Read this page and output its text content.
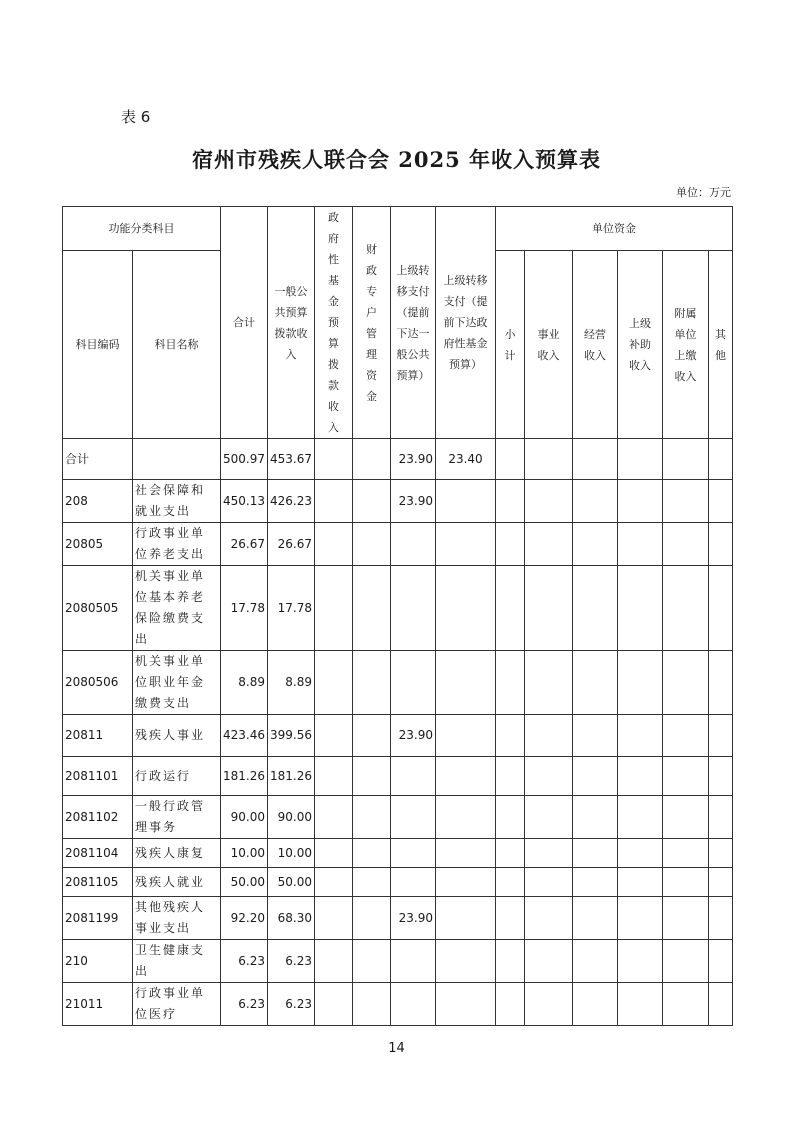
表 6
宿州市残疾人联合会 2025 年收入预算表
单位：万元
功能分类科目		合计	一般公共预算拨款收入	政府性基金预算拨款收入	财政专户管理资金	上级转移支付（提前下达一般公共预算）	上级转移支付（提前下达政府性基金预算）	单位资金					
科目编码	科目名称							小计	事业收入	经营收入	上级补助收入	附属单位上缴收入	其他

合计		500.97	453.67			23.90	23.40						
208	社会保障和就业支出	450.13	426.23			23.90							
20805	行政事业单位养老支出	26.67	26.67										
2080505	机关事业单位基本养老保险缴费支出	17.78	17.78										
2080506	机关事业单位职业年金缴费支出	8.89	8.89										
20811	残疾人事业	423.46	399.56			23.90							
2081101	行政运行	181.26	181.26										
2081102	一般行政管理事务	90.00	90.00										
2081104	残疾人康复	10.00	10.00										
2081105	残疾人就业	50.00	50.00										
2081199	其他残疾人事业支出	92.20	68.30			23.90							
210	卫生健康支出	6.23	6.23										
21011	行政事业单位医疗	6.23	6.23										
14
